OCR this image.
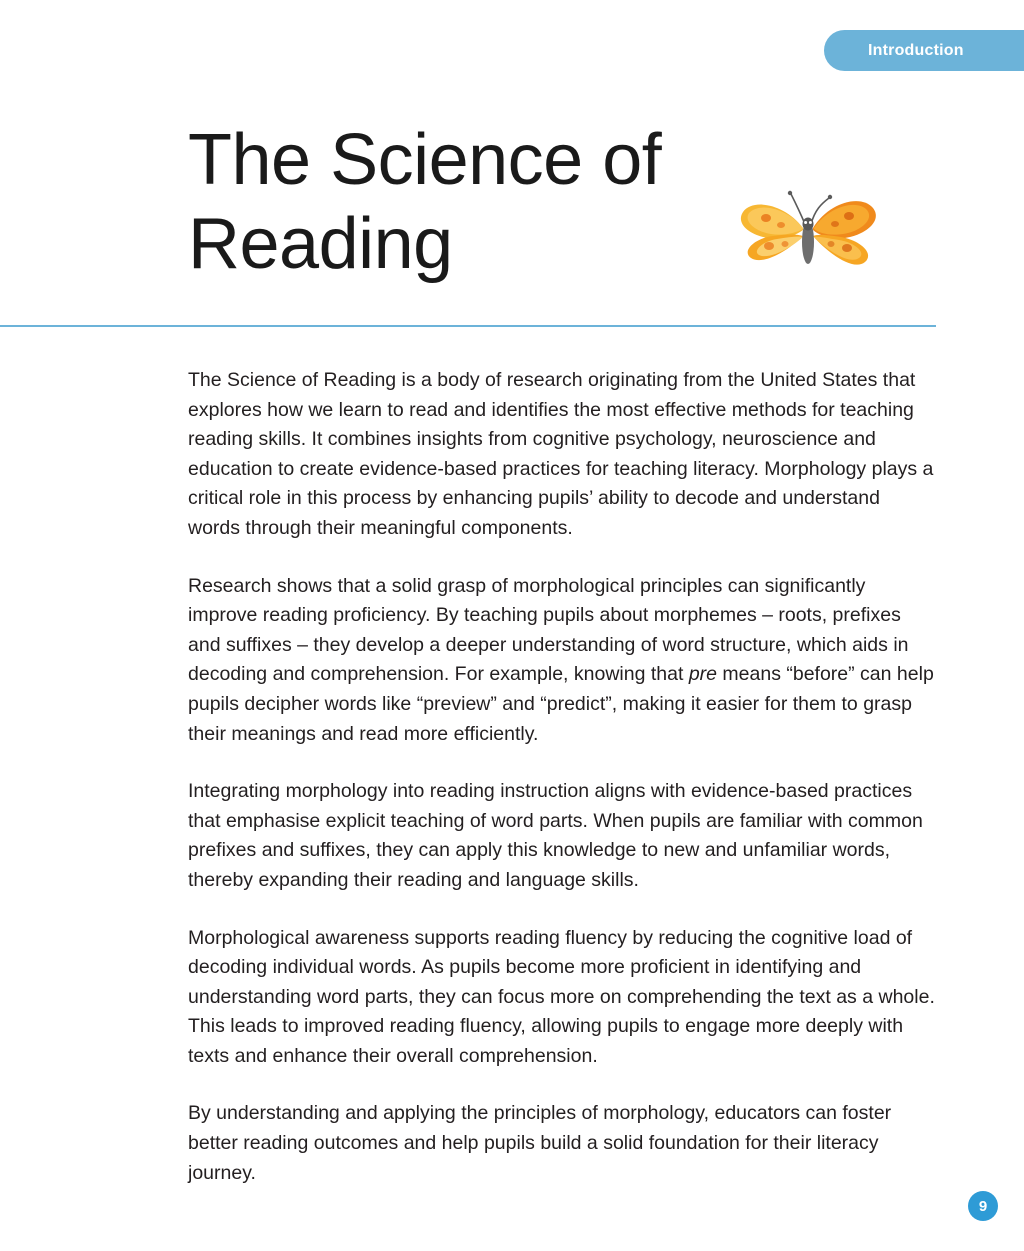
Introduction
The Science of
Reading

The Science of Reading is a body of research originating from the United States that explores how we learn to read and identifies the most effective methods for teaching reading skills. It combines insights from cognitive psychology, neuroscience and education to create evidence-based practices for teaching literacy. Morphology plays a critical role in this process by enhancing pupils’ ability to decode and understand words through their meaningful components.

Research shows that a solid grasp of morphological principles can significantly improve reading proficiency. By teaching pupils about morphemes – roots, prefixes and suffixes – they develop a deeper understanding of word structure, which aids in decoding and comprehension. For example, knowing that pre means “before” can help pupils decipher words like “preview” and “predict”, making it easier for them to grasp their meanings and read more efficiently.

Integrating morphology into reading instruction aligns with evidence-based practices that emphasise explicit teaching of word parts. When pupils are familiar with common prefixes and suffixes, they can apply this knowledge to new and unfamiliar words, thereby expanding their reading and language skills.

Morphological awareness supports reading fluency by reducing the cognitive load of decoding individual words. As pupils become more proficient in identifying and understanding word parts, they can focus more on comprehending the text as a whole. This leads to improved reading fluency, allowing pupils to engage more deeply with texts and enhance their overall comprehension.

By understanding and applying the principles of morphology, educators can foster better reading outcomes and help pupils build a solid foundation for their literacy journey.

9
